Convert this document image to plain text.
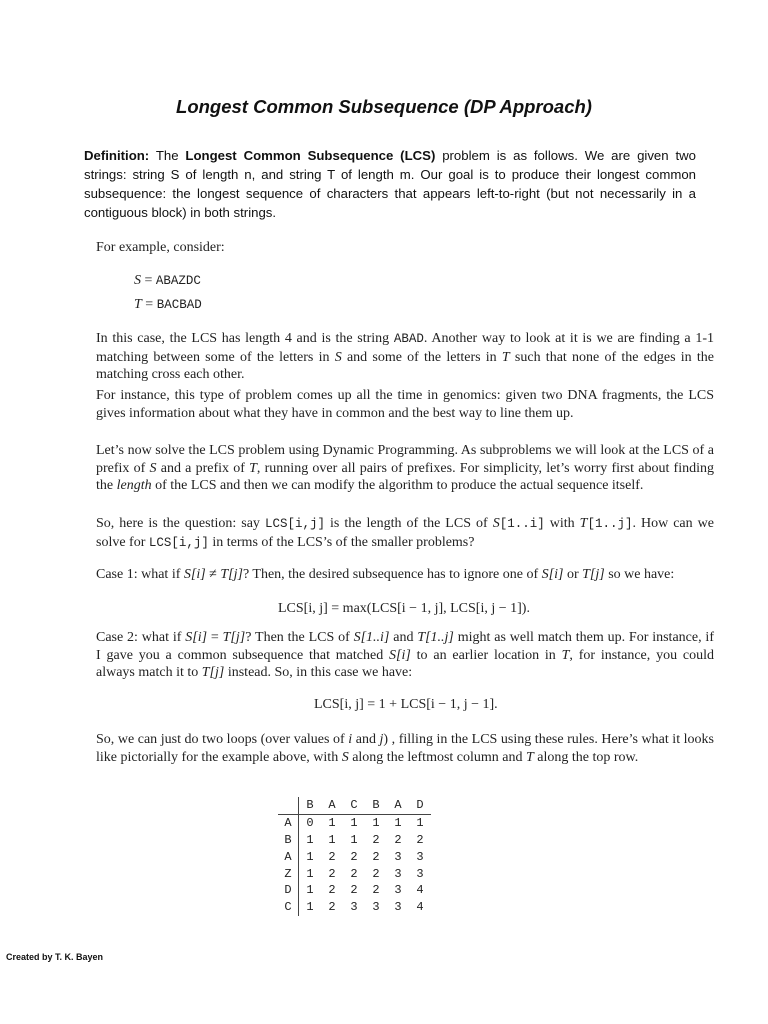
Longest Common Subsequence (DP Approach)
Definition: The Longest Common Subsequence (LCS) problem is as follows. We are given two strings: string S of length n, and string T of length m. Our goal is to produce their longest common subsequence: the longest sequence of characters that appears left-to-right (but not necessarily in a contiguous block) in both strings.
For example, consider:
S = ABAZDC
T = BACBAD
In this case, the LCS has length 4 and is the string ABAD. Another way to look at it is we are finding a 1-1 matching between some of the letters in S and some of the letters in T such that none of the edges in the matching cross each other.
For instance, this type of problem comes up all the time in genomics: given two DNA fragments, the LCS gives information about what they have in common and the best way to line them up.
Let’s now solve the LCS problem using Dynamic Programming. As subproblems we will look at the LCS of a prefix of S and a prefix of T, running over all pairs of prefixes. For simplicity, let’s worry first about finding the length of the LCS and then we can modify the algorithm to produce the actual sequence itself.
So, here is the question: say LCS[i,j] is the length of the LCS of S[1..i] with T[1..j]. How can we solve for LCS[i,j] in terms of the LCS’s of the smaller problems?
Case 1: what if S[i] ≠ T[j]? Then, the desired subsequence has to ignore one of S[i] or T[j] so we have:
LCS[i, j] = max(LCS[i − 1, j], LCS[i, j − 1]).
Case 2: what if S[i] = T[j]? Then the LCS of S[1..i] and T[1..j] might as well match them up. For instance, if I gave you a common subsequence that matched S[i] to an earlier location in T, for instance, you could always match it to T[j] instead. So, in this case we have:
LCS[i, j] = 1 + LCS[i − 1, j − 1].
So, we can just do two loops (over values of i and j) , filling in the LCS using these rules. Here’s what it looks like pictorially for the example above, with S along the leftmost column and T along the top row.
	B	A	C	B	A	D
A	0	1	1	1	1	1
B	1	1	1	2	2	2
A	1	2	2	2	3	3
Z	1	2	2	2	3	3
D	1	2	2	2	3	4
C	1	2	3	3	3	4
Created by T. K. Bayen
